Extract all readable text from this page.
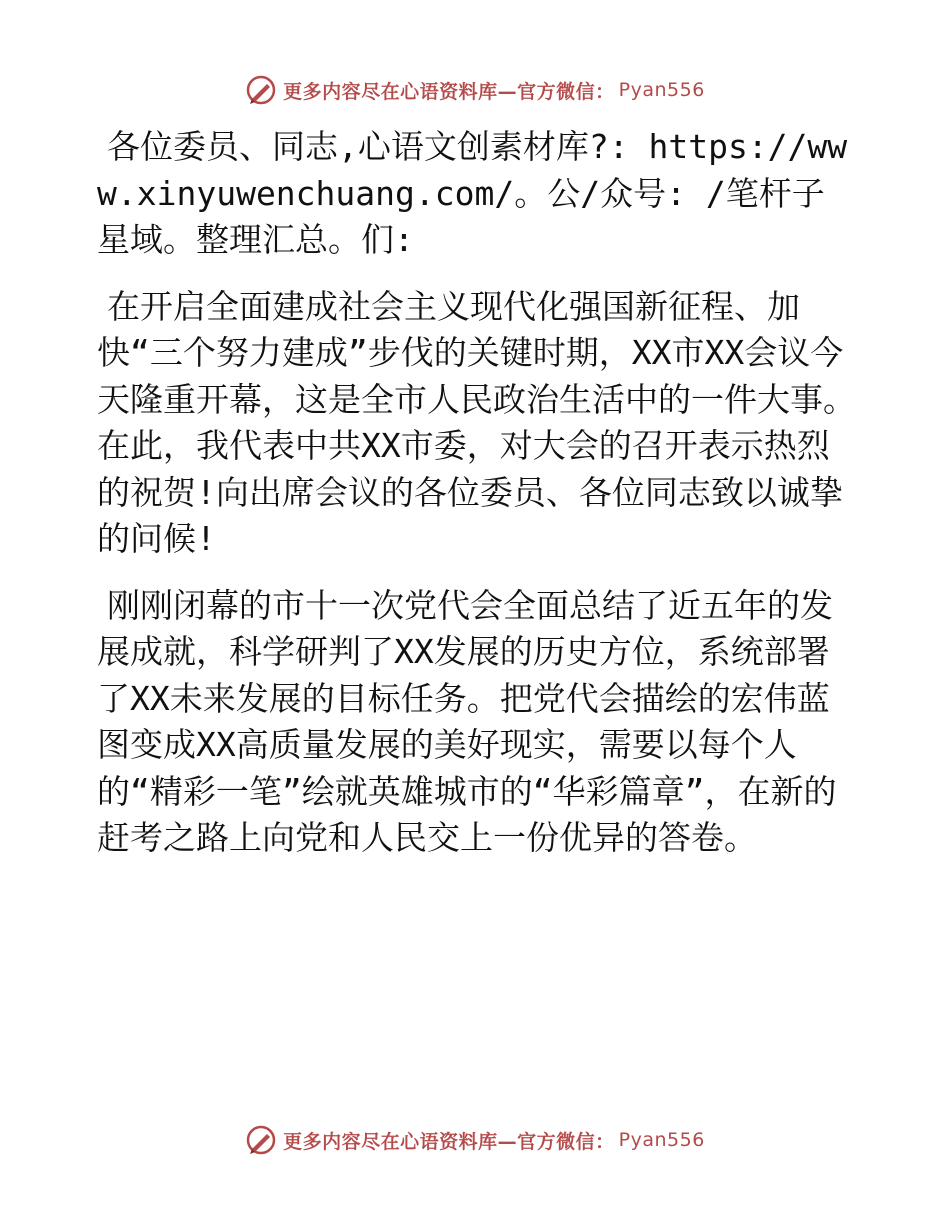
更多内容尽在心语资料库—官方微信： Pyan556

各位委员、同志,心语文创素材库?: https://www.xinyuwenchuang.com/。公/众号: /笔杆子星域。整理汇总。们:

在开启全面建成社会主义现代化强国新征程、加快“三个努力建成”步伐的关键时期，XX市XX会议今天隆重开幕，这是全市人民政治生活中的一件大事。在此，我代表中共XX市委，对大会的召开表示热烈的祝贺!向出席会议的各位委员、各位同志致以诚挚的问候!

刚刚闭幕的市十一次党代会全面总结了近五年的发展成就，科学研判了XX发展的历史方位，系统部署了XX未来发展的目标任务。把党代会描绘的宏伟蓝图变成XX高质量发展的美好现实，需要以每个人的“精彩一笔”绘就英雄城市的“华彩篇章”，在新的赶考之路上向党和人民交上一份优异的答卷。

更多内容尽在心语资料库—官方微信： Pyan556
